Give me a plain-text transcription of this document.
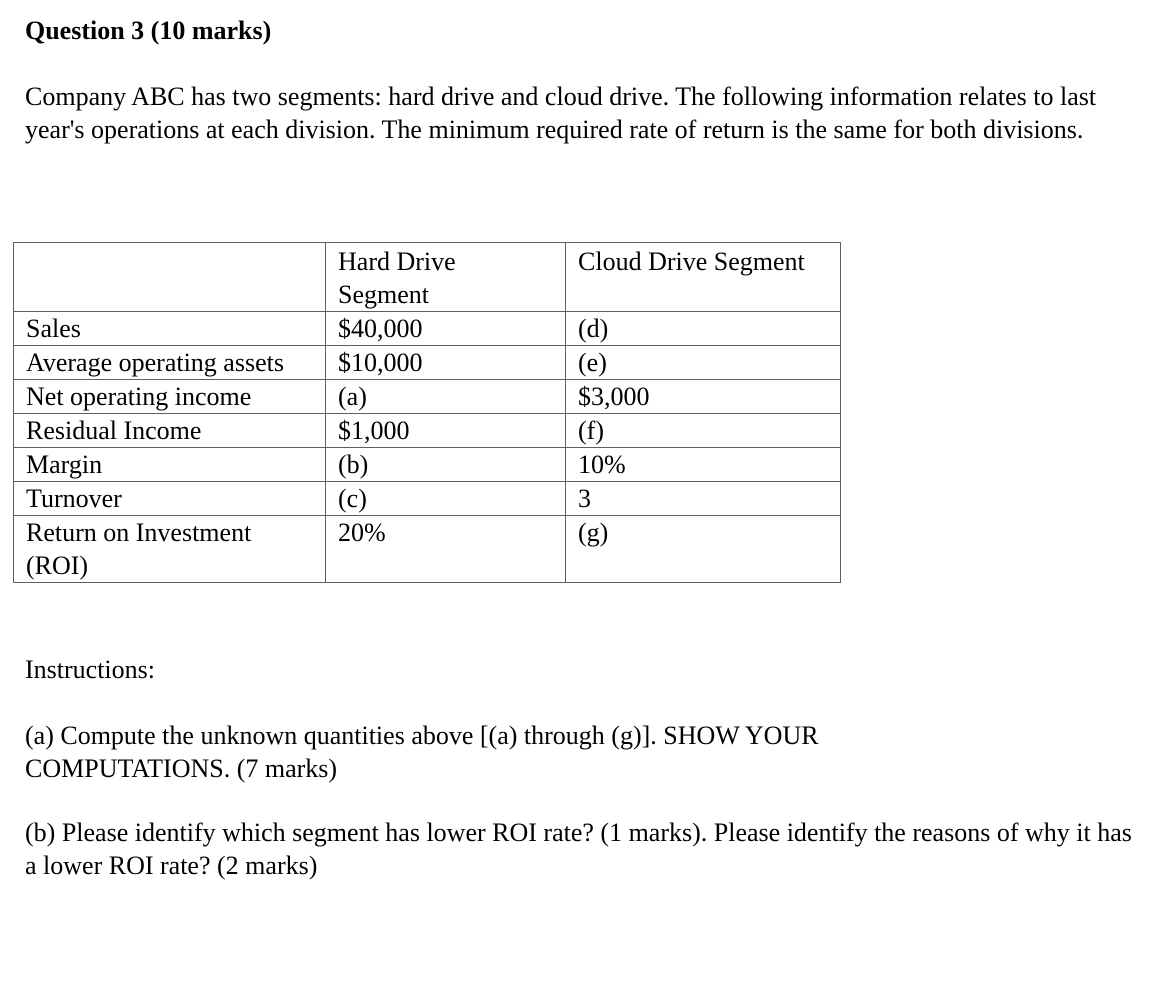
Question 3 (10 marks)

Company ABC has two segments: hard drive and cloud drive. The following information relates to last year's operations at each division. The minimum required rate of return is the same for both divisions.

	Hard Drive Segment	Cloud Drive Segment
Sales	$40,000	(d)
Average operating assets	$10,000	(e)
Net operating income	(a)	$3,000
Residual Income	$1,000	(f)
Margin	(b)	10%
Turnover	(c)	3

Return on Investment (ROI)	20%	(g)

Instructions:

(a) Compute the unknown quantities above [(a) through (g)]. SHOW YOUR COMPUTATIONS. (7 marks)

(b) Please identify which segment has lower ROI rate? (1 marks). Please identify the reasons of why it has a lower ROI rate? (2 marks)
